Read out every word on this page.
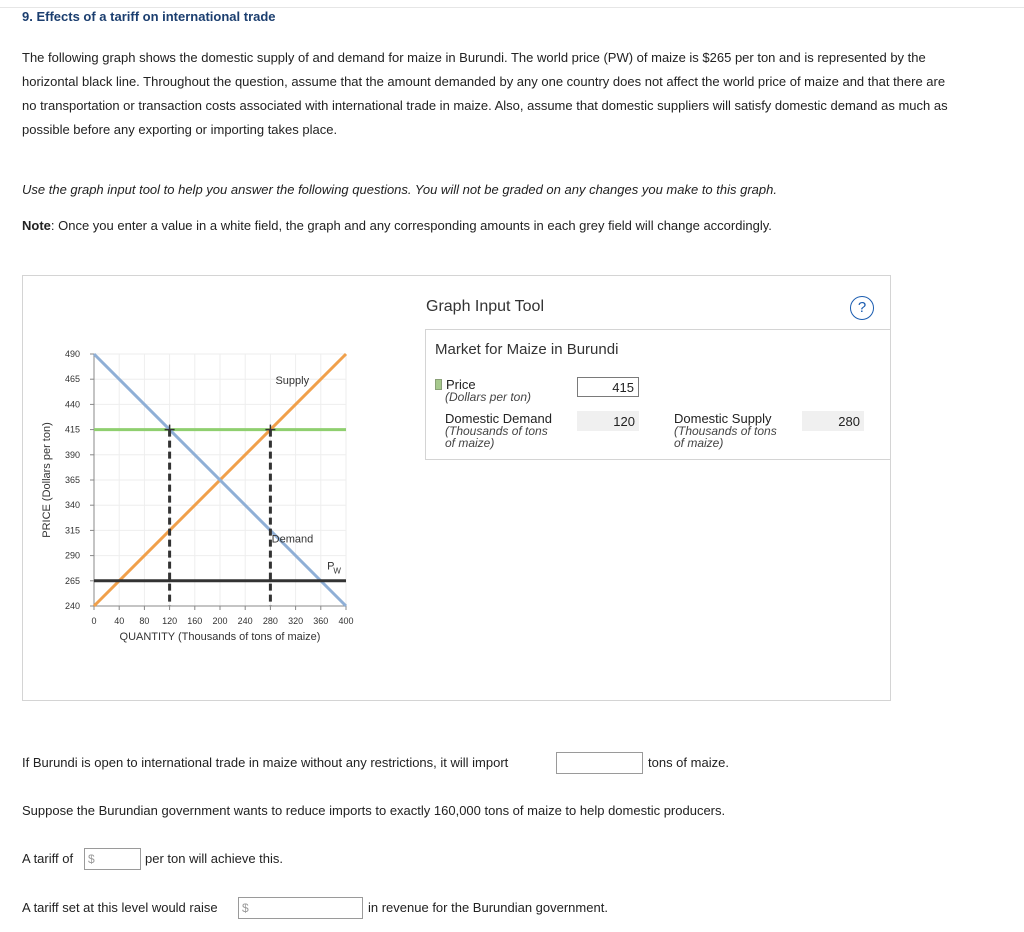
9. Effects of a tariff on international trade
The following graph shows the domestic supply of and demand for maize in Burundi. The world price (PW) of maize is $265 per ton and is represented by the horizontal black line. Throughout the question, assume that the amount demanded by any one country does not affect the world price of maize and that there are no transportation or transaction costs associated with international trade in maize. Also, assume that domestic suppliers will satisfy domestic demand as much as possible before any exporting or importing takes place.
Use the graph input tool to help you answer the following questions. You will not be graded on any changes you make to this graph.
Note: Once you enter a value in a white field, the graph and any corresponding amounts in each grey field will change accordingly.
240
265
290
315
340
365
390
415
440
465
490
0 40 80 120 160 200 240 280 320 360 400
QUANTITY (Thousands of tons of maize)
PRICE (Dollars per ton)
Supply
Demand
P
W
Graph Input Tool	?
Market for Maize in Burundi
Price
(Dollars per ton)
415
Domestic Demand
(Thousands of tons
of maize)
120	Domestic Supply
(Thousands of tons
of maize)
280
If Burundi is open to international trade in maize without any restrictions, it will import	tons of maize.
Suppose the Burundian government wants to reduce imports to exactly 160,000 tons of maize to help domestic producers.
A tariff of	$	per ton will achieve this.
A tariff set at this level would raise	$	in revenue for the Burundian government.
